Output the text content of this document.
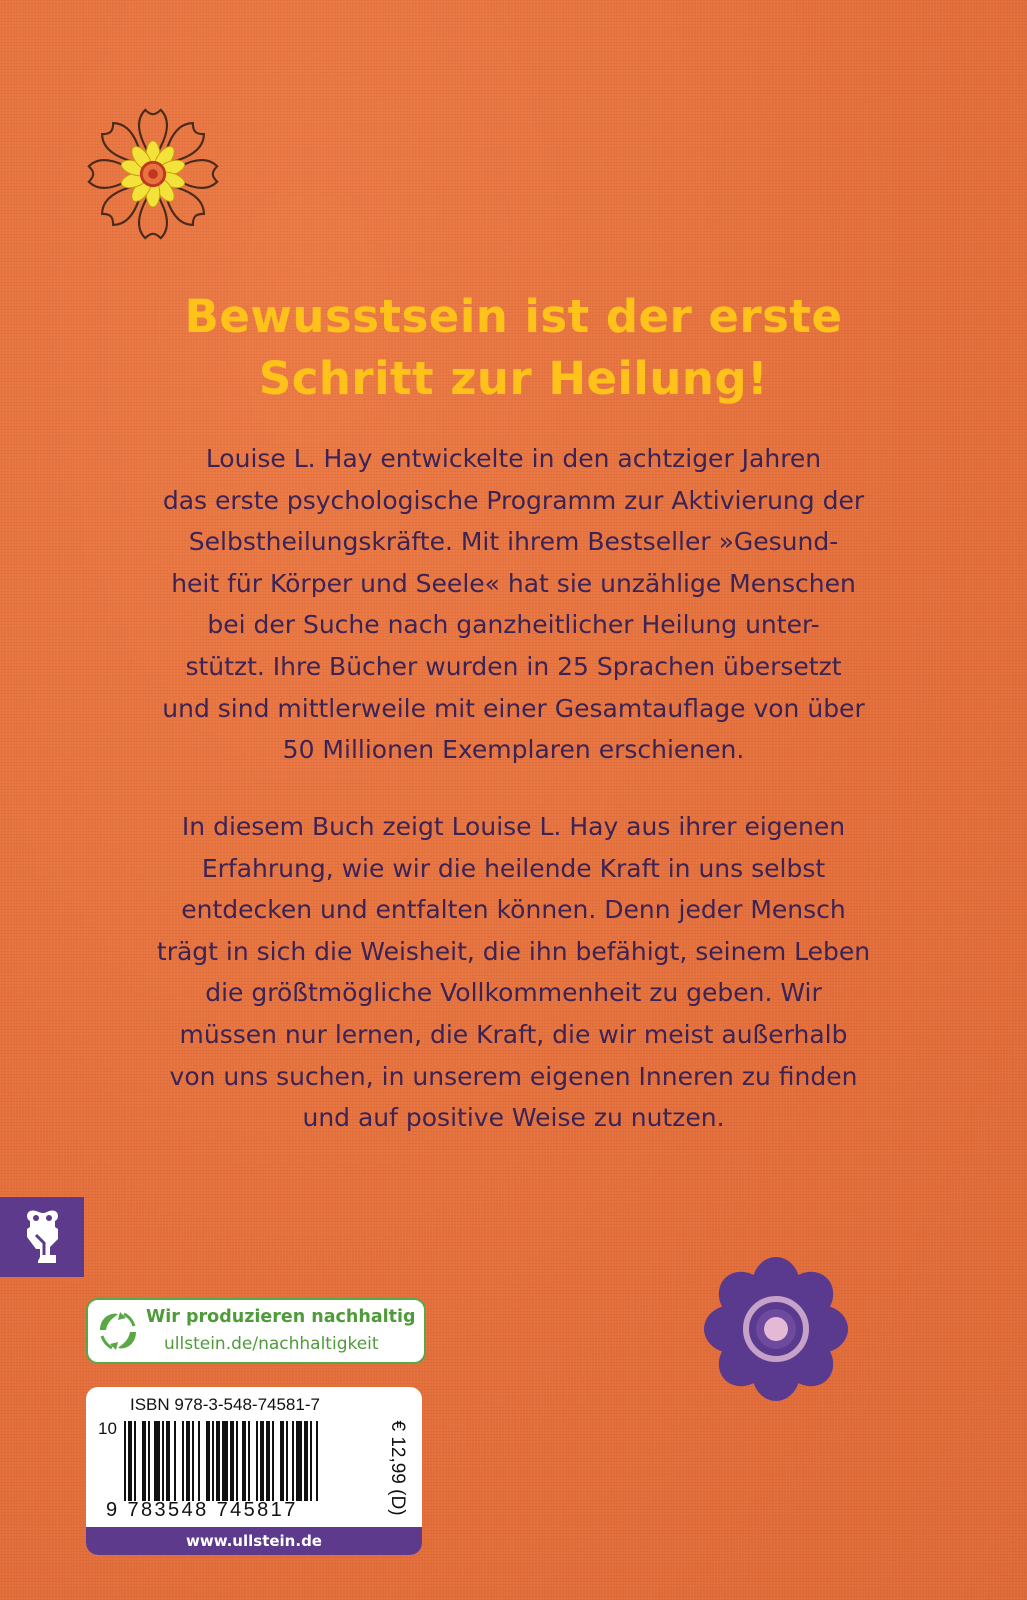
Bewusstsein ist der erste
Schritt zur Heilung!
Louise L. Hay entwickelte in den achtziger Jahren
das erste psychologische Programm zur Aktivierung der
Selbstheilungskräfte. Mit ihrem Bestseller »Gesund-
heit für Körper und Seele« hat sie unzählige Menschen
bei der Suche nach ganzheitlicher Heilung unter-
stützt. Ihre Bücher wurden in 25 Sprachen übersetzt
und sind mittlerweile mit einer Gesamtauflage von über
50 Millionen Exemplaren erschienen.
In diesem Buch zeigt Louise L. Hay aus ihrer eigenen
Erfahrung, wie wir die heilende Kraft in uns selbst
entdecken und entfalten können. Denn jeder Mensch
trägt in sich die Weisheit, die ihn befähigt, seinem Leben
die größtmögliche Vollkommenheit zu geben. Wir
müssen nur lernen, die Kraft, die wir meist außerhalb
von uns suchen, in unserem eigenen Inneren zu finden
und auf positive Weise zu nutzen.
Wir produzieren nachhaltig
ullstein.de/nachhaltigkeit
ISBN 978-3-548-74581-7
10
9 783548 745817	€ 12,99 (D)
www.ullstein.de
